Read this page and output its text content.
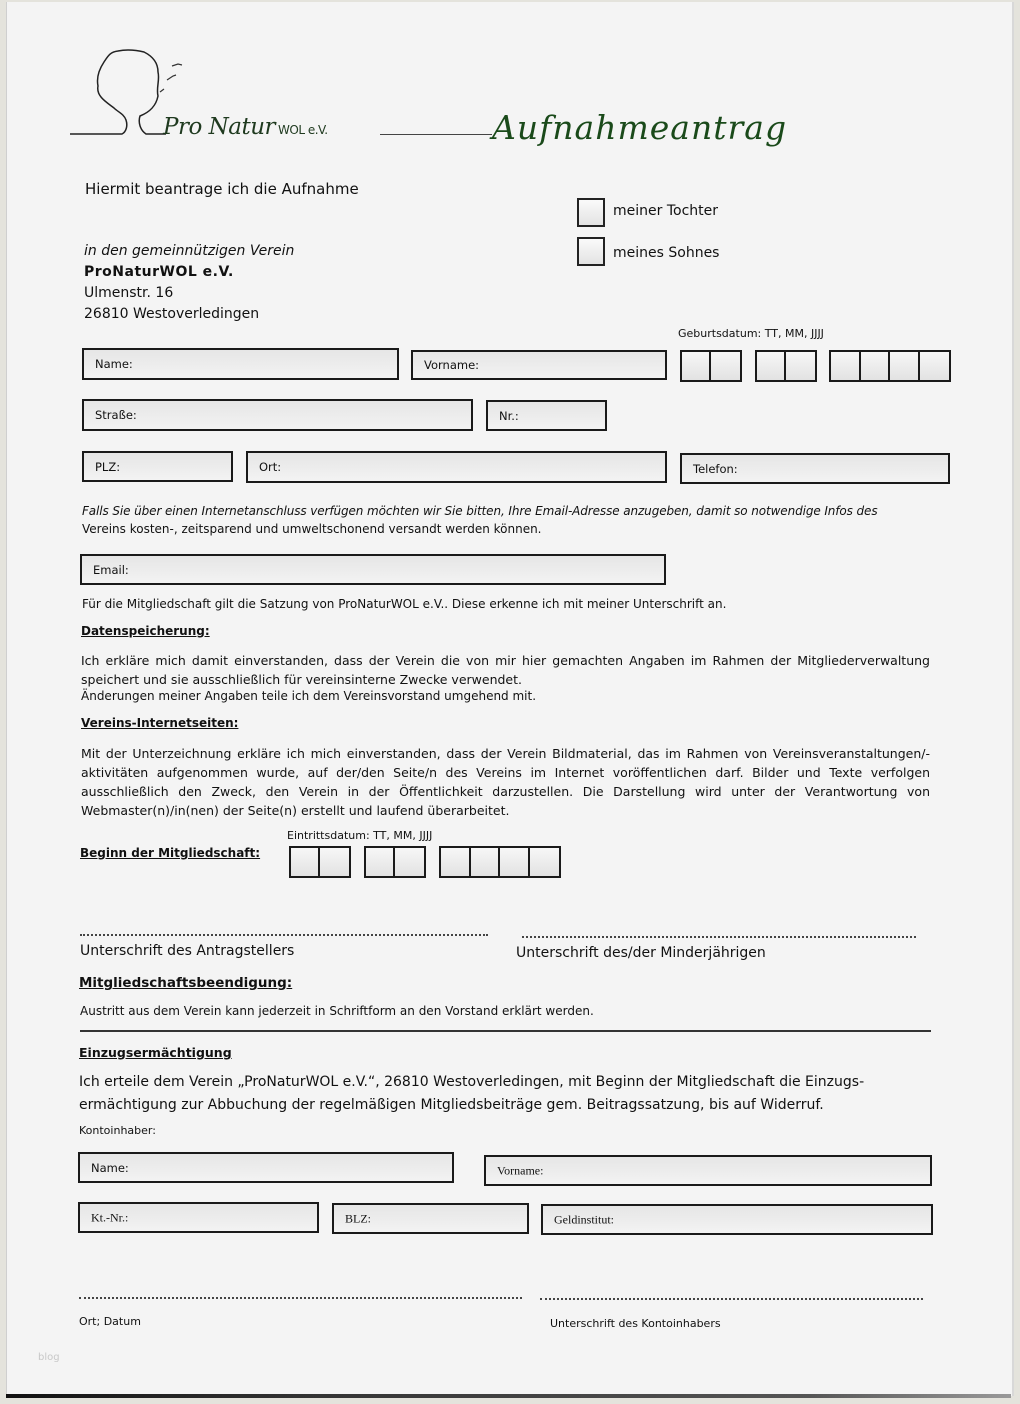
Pro Natur WOL e.V.	Aufnahmeantrag
Hiermit beantrage ich die Aufnahme
in den gemeinnützigen Verein
ProNaturWOL e.V.
Ulmenstr. 16
26810 Westoverledingen
meiner Tochter
meines Sohnes
Geburtsdatum: TT, MM, JJJJ
Name:	Vorname:
Straße:	Nr.:
PLZ:	Ort:	Telefon:
Falls Sie über einen Internetanschluss verfügen möchten wir Sie bitten, Ihre Email-Adresse anzugeben, damit so notwendige Infos des
Vereins kosten-, zeitsparend und umweltschonend versandt werden können.
Email:
Für die Mitgliedschaft gilt die Satzung von ProNaturWOL e.V.. Diese erkenne ich mit meiner Unterschrift an.
Datenspeicherung:
Ich erkläre mich damit einverstanden, dass der Verein die von mir hier gemachten Angaben im Rahmen der Mitgliederverwaltung speichert und sie ausschließlich für vereinsinterne Zwecke verwendet.
Änderungen meiner Angaben teile ich dem Vereinsvorstand umgehend mit.
Vereins-Internetseiten:
Mit der Unterzeichnung erkläre ich mich einverstanden, dass der Verein Bildmaterial, das im Rahmen von Vereinsveranstaltungen/-aktivitäten aufgenommen wurde, auf der/den Seite/n des Vereins im Internet voröffentlichen darf. Bilder und Texte verfolgen ausschließlich den Zweck, den Verein in der Öffentlichkeit darzustellen. Die Darstellung wird unter der Verantwortung von Webmaster(n)/in(nen) der Seite(n) erstellt und laufend überarbeitet.
Beginn der Mitgliedschaft:
Eintrittsdatum: TT, MM, JJJJ
Unterschrift des Antragstellers	Unterschrift des/der Minderjährigen
Mitgliedschaftsbeendigung:
Austritt aus dem Verein kann jederzeit in Schriftform an den Vorstand erklärt werden.
Einzugsermächtigung
Ich erteile dem Verein „ProNaturWOL e.V.“, 26810 Westoverledingen, mit Beginn der Mitgliedschaft die Einzugs-
ermächtigung zur Abbuchung der regelmäßigen Mitgliedsbeiträge gem. Beitragssatzung, bis auf Widerruf.
Kontoinhaber:
Name:	Vorname:
Kt.-Nr.:	BLZ:	Geldinstitut:
Ort; Datum	Unterschrift des Kontoinhabers
blog
